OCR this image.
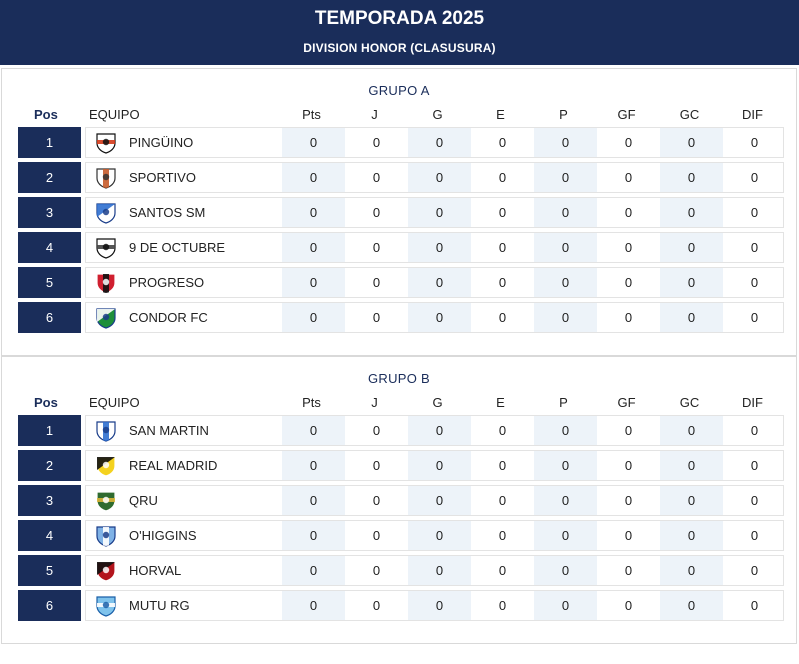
TEMPORADA 2025
DIVISION HONOR (CLASUSURA)
GRUPO A
Pos EQUIPO	Pts	J	G	E	P	GF	GC	DIF
1	PINGÜINO	0	0	0	0	0	0	0	0
2	SPORTIVO	0	0	0	0	0	0	0	0
3	SANTOS SM	0	0	0	0	0	0	0	0
4	9 DE OCTUBRE	0	0	0	0	0	0	0	0
5	PROGRESO	0	0	0	0	0	0	0	0
6	CONDOR FC	0	0	0	0	0	0	0	0
GRUPO B
Pos EQUIPO	Pts	J	G	E	P	GF	GC	DIF
1	SAN MARTIN	0	0	0	0	0	0	0	0
2	REAL MADRID	0	0	0	0	0	0	0	0
3	QRU	0	0	0	0	0	0	0	0
4	O'HIGGINS	0	0	0	0	0	0	0	0
5	HORVAL	0	0	0	0	0	0	0	0
6	MUTU RG	0	0	0	0	0	0	0	0
